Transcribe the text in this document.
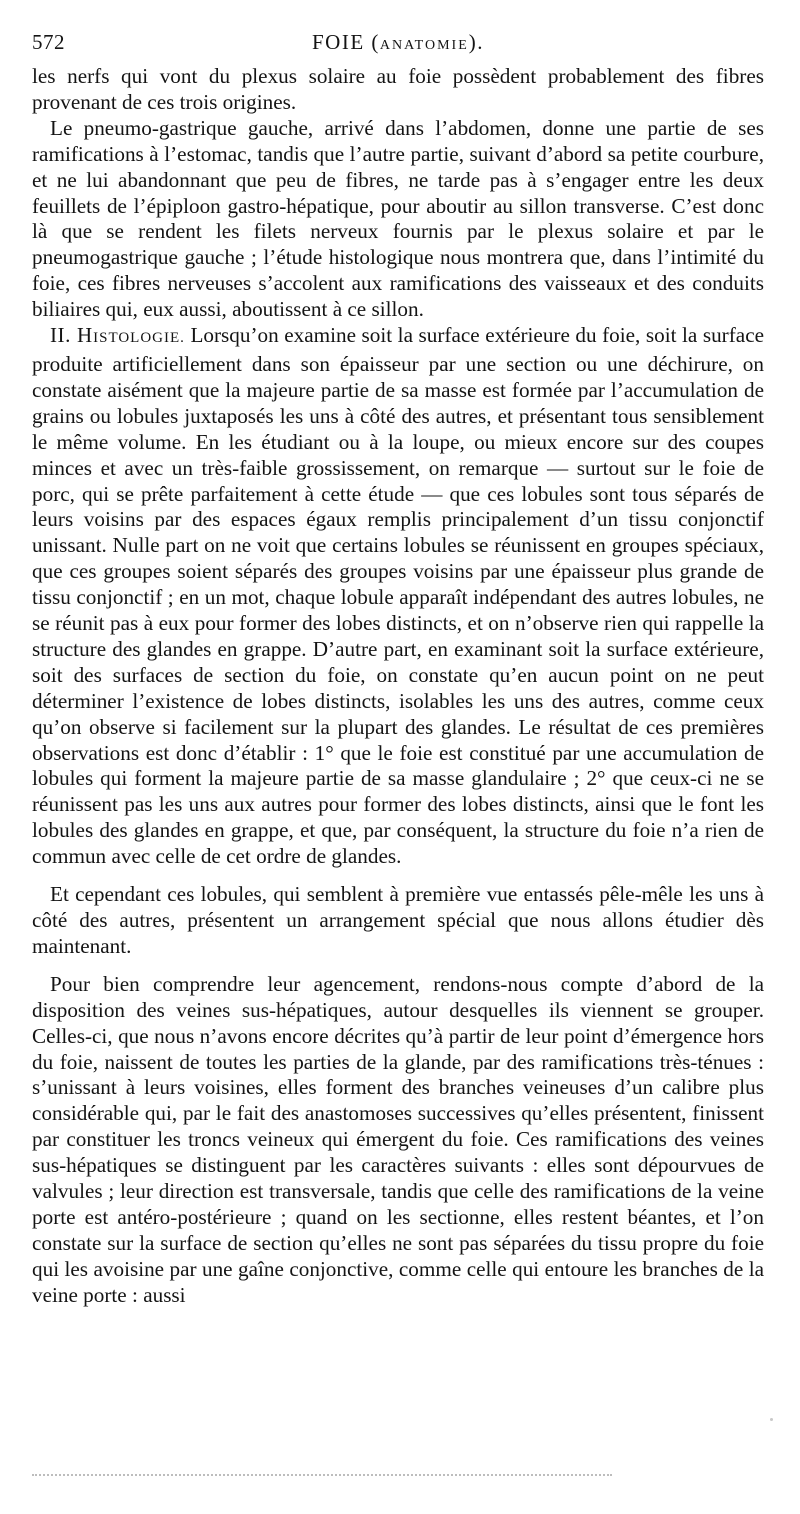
572	FOIE (ANATOMIE).

les nerfs qui vont du plexus solaire au foie possèdent probablement des fibres provenant de ces trois origines.

Le pneumo-gastrique gauche, arrivé dans l’abdomen, donne une partie de ses ramifications à l’estomac, tandis que l’autre partie, suivant d’abord sa petite courbure, et ne lui abandonnant que peu de fibres, ne tarde pas à s’engager entre les deux feuillets de l’épiploon gastro-hépatique, pour aboutir au sillon transverse. C’est donc là que se rendent les filets nerveux fournis par le plexus solaire et par le pneumogastrique gauche ; l’étude histologique nous montrera que, dans l’intimité du foie, ces fibres nerveuses s’accolent aux ramifications des vaisseaux et des conduits biliaires qui, eux aussi, aboutissent à ce sillon.

II. HISTOLOGIE. Lorsqu’on examine soit la surface extérieure du foie, soit la surface produite artificiellement dans son épaisseur par une section ou une déchirure, on constate aisément que la majeure partie de sa masse est formée par l’accumulation de grains ou lobules juxtaposés les uns à côté des autres, et présentant tous sensiblement le même volume. En les étudiant ou à la loupe, ou mieux encore sur des coupes minces et avec un très-faible grossissement, on remarque — surtout sur le foie de porc, qui se prête parfaitement à cette étude — que ces lobules sont tous séparés de leurs voisins par des espaces égaux remplis principalement d’un tissu conjonctif unissant. Nulle part on ne voit que certains lobules se réunissent en groupes spéciaux, que ces groupes soient séparés des groupes voisins par une épaisseur plus grande de tissu conjonctif ; en un mot, chaque lobule apparaît indépendant des autres lobules, ne se réunit pas à eux pour former des lobes distincts, et on n’observe rien qui rappelle la structure des glandes en grappe. D’autre part, en examinant soit la surface extérieure, soit des surfaces de section du foie, on constate qu’en aucun point on ne peut déterminer l’existence de lobes distincts, isolables les uns des autres, comme ceux qu’on observe si facilement sur la plupart des glandes. Le résultat de ces premières observations est donc d’établir : 1° que le foie est constitué par une accumulation de lobules qui forment la majeure partie de sa masse glandulaire ; 2° que ceux-ci ne se réunissent pas les uns aux autres pour former des lobes distincts, ainsi que le font les lobules des glandes en grappe, et que, par conséquent, la structure du foie n’a rien de commun avec celle de cet ordre de glandes.

Et cependant ces lobules, qui semblent à première vue entassés pêle-mêle les uns à côté des autres, présentent un arrangement spécial que nous allons étudier dès maintenant.

Pour bien comprendre leur agencement, rendons-nous compte d’abord de la disposition des veines sus-hépatiques, autour desquelles ils viennent se grouper. Celles-ci, que nous n’avons encore décrites qu’à partir de leur point d’émergence hors du foie, naissent de toutes les parties de la glande, par des ramifications très-ténues : s’unissant à leurs voisines, elles forment des branches veineuses d’un calibre plus considérable qui, par le fait des anastomoses successives qu’elles présentent, finissent par constituer les troncs veineux qui émergent du foie. Ces ramifications des veines sus-hépatiques se distinguent par les caractères suivants : elles sont dépourvues de valvules ; leur direction est transversale, tandis que celle des ramifications de la veine porte est antéro-postérieure ; quand on les sectionne, elles restent béantes, et l’on constate sur la surface de section qu’elles ne sont pas séparées du tissu propre du foie qui les avoisine par une gaîne conjonctive, comme celle qui entoure les branches de la veine porte : aussi
